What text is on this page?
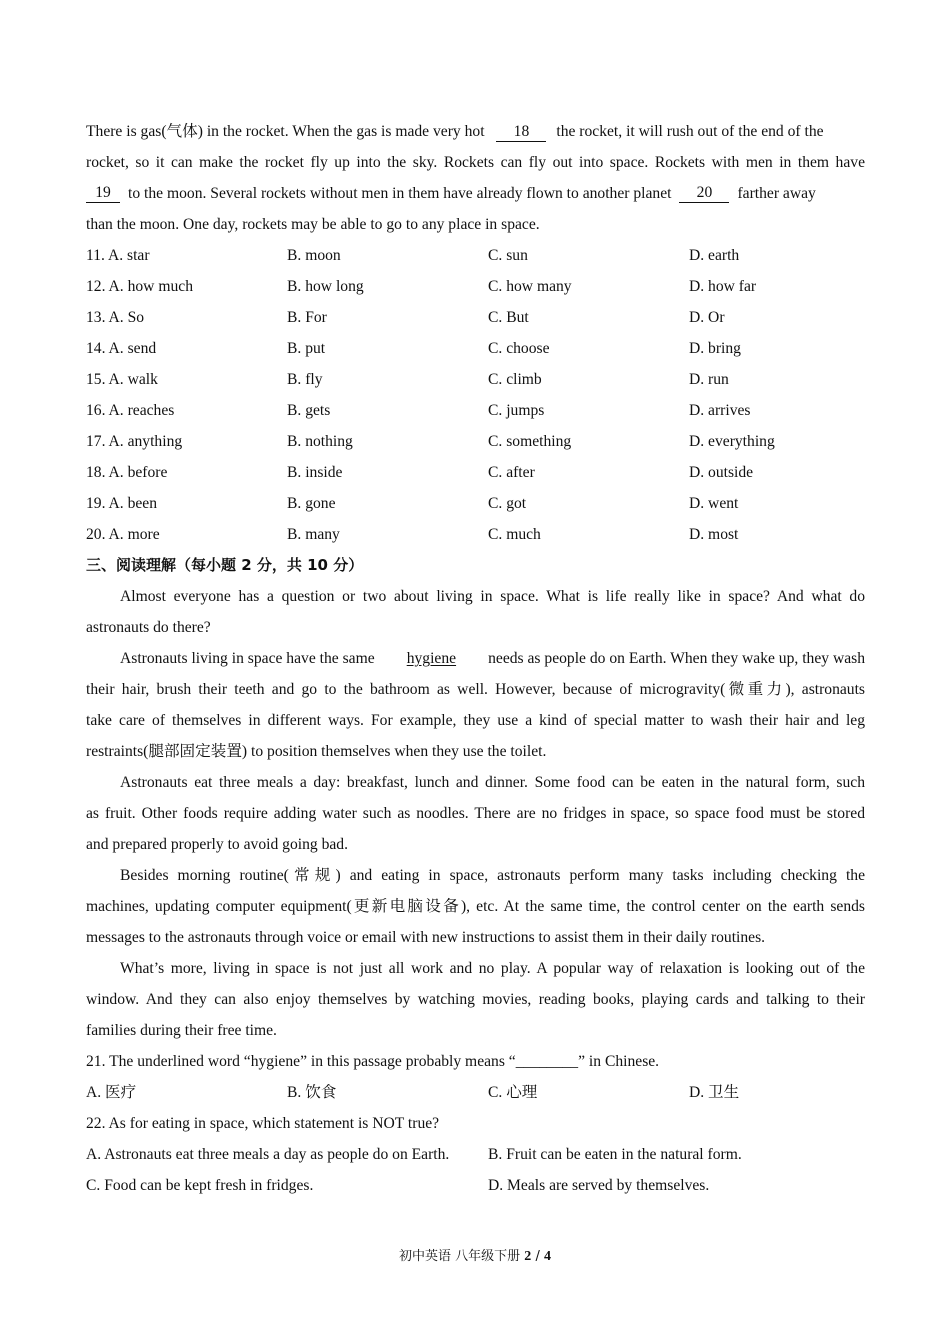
There is gas(气体) in the rocket. When the gas is made very hot 18 the rocket, it will rush out of the end of the
rocket, so it can make the rocket fly up into the sky. Rockets can fly out into space. Rockets with men in them have
19	to the moon. Several rockets without men in them have already flown to another planet	20	farther away
than the moon. One day, rockets may be able to go to any place in space.
11. A. star	B. moon	C. sun	D. earth
12. A. how much	B. how long	C. how many	D. how far
13. A. So	B. For	C. But	D. Or
14. A. send	B. put	C. choose	D. bring
15. A. walk	B. fly	C. climb	D. run
16. A. reaches	B. gets	C. jumps	D. arrives
17. A. anything	B. nothing	C. something	D. everything
18. A. before	B. inside	C. after	D. outside
19. A. been	B. gone	C. got	D. went
20. A. more	B. many	C. much	D. most
三、阅读理解（每小题 2 分，共 10 分）
Almost everyone has a question or two about living in space. What is life really like in space? And what do
astronauts do there?
Astronauts living in space have the same hygiene needs as people do on Earth. When they wake up, they wash
their hair, brush their teeth and go to the bathroom as well. However, because of microgravity(微重力), astronauts
take care of themselves in different ways. For example, they use a kind of special matter to wash their hair and leg
restraints(腿部固定装置) to position themselves when they use the toilet.
Astronauts eat three meals a day: breakfast, lunch and dinner. Some food can be eaten in the natural form, such
as fruit. Other foods require adding water such as noodles. There are no fridges in space, so space food must be stored
and prepared properly to avoid going bad.
Besides morning routine(常规) and eating in space, astronauts perform many tasks including checking the
machines, updating computer equipment(更新电脑设备), etc. At the same time, the control center on the earth sends
messages to the astronauts through voice or email with new instructions to assist them in their daily routines.
What’s more, living in space is not just all work and no play. A popular way of relaxation is looking out of the
window. And they can also enjoy themselves by watching movies, reading books, playing cards and talking to their
families during their free time.
21. The underlined word “hygiene” in this passage probably means “________” in Chinese.
A. 医疗	B. 饮食	C. 心理	D. 卫生
22. As for eating in space, which statement is NOT true?
A. Astronauts eat three meals a day as people do on Earth.	B. Fruit can be eaten in the natural form.
C. Food can be kept fresh in fridges.	D. Meals are served by themselves.
初中英语 八年级下册 2 / 4
